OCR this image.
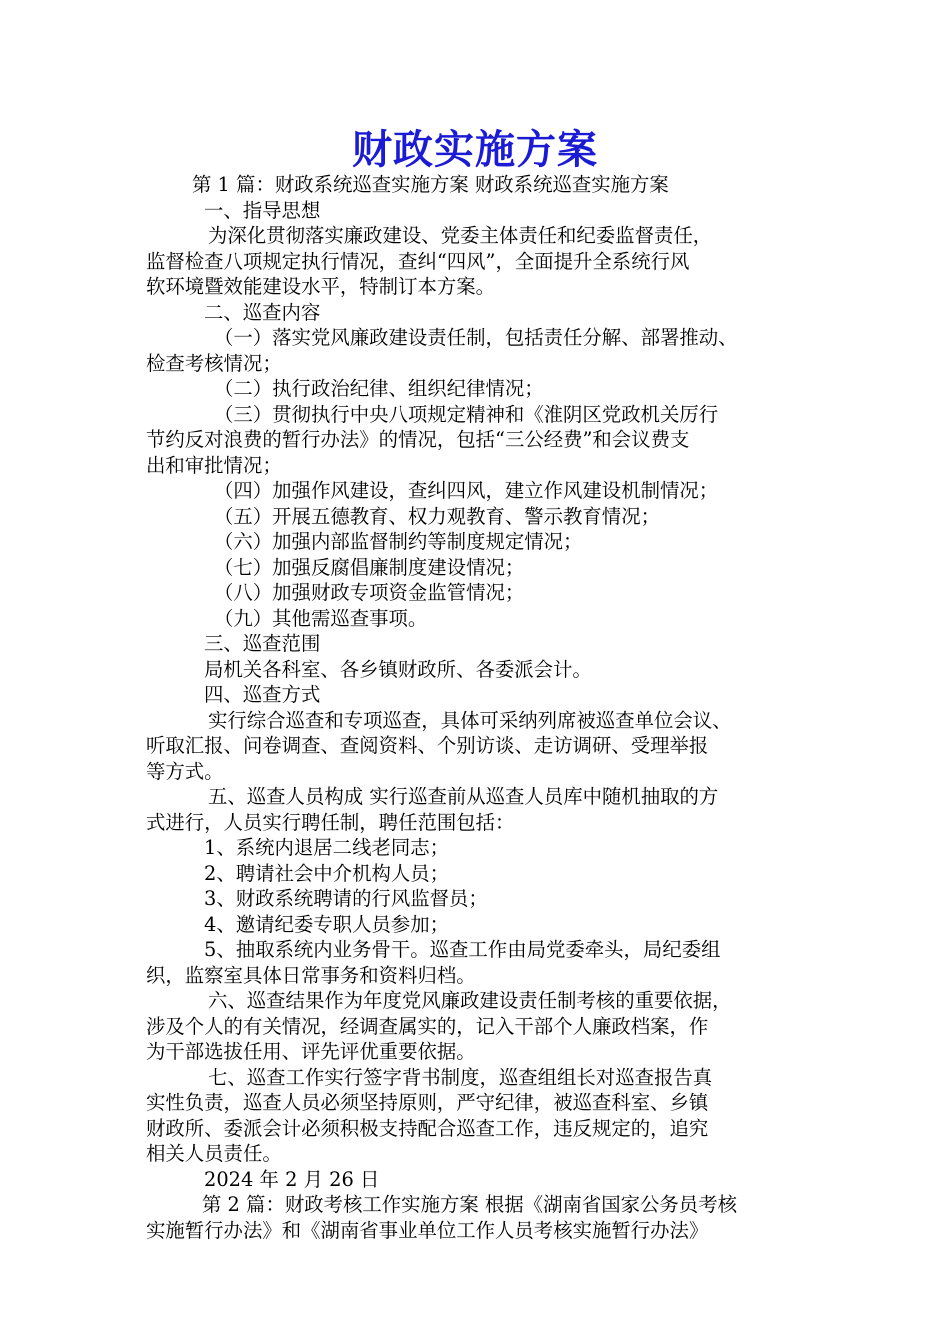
财政实施方案
第 1 篇：财政系统巡查实施方案 财政系统巡查实施方案
一、指导思想
为深化贯彻落实廉政建设、党委主体责任和纪委监督责任，
监督检查八项规定执行情况，查纠“四风”，全面提升全系统行风
软环境暨效能建设水平，特制订本方案。
二、巡查内容
（一）落实党风廉政建设责任制，包括责任分解、部署推动、
检查考核情况；
（二）执行政治纪律、组织纪律情况；
（三）贯彻执行中央八项规定精神和《淮阴区党政机关厉行
节约反对浪费的暂行办法》的情况，包括“三公经费”和会议费支
出和审批情况；
（四）加强作风建设，查纠四风，建立作风建设机制情况；
（五）开展五德教育、权力观教育、警示教育情况；
（六）加强内部监督制约等制度规定情况；
（七）加强反腐倡廉制度建设情况；
（八）加强财政专项资金监管情况；
（九）其他需巡查事项。
三、巡查范围
局机关各科室、各乡镇财政所、各委派会计。
四、巡查方式
实行综合巡查和专项巡查，具体可采纳列席被巡查单位会议、
听取汇报、问卷调查、查阅资料、个别访谈、走访调研、受理举报
等方式。
五、巡查人员构成 实行巡查前从巡查人员库中随机抽取的方
式进行，人员实行聘任制，聘任范围包括：
1、系统内退居二线老同志；
2、聘请社会中介机构人员；
3、财政系统聘请的行风监督员；
4、邀请纪委专职人员参加；
5、抽取系统内业务骨干。巡查工作由局党委牵头，局纪委组
织，监察室具体日常事务和资料归档。
六、巡查结果作为年度党风廉政建设责任制考核的重要依据，
涉及个人的有关情况，经调查属实的，记入干部个人廉政档案，作
为干部选拔任用、评先评优重要依据。
七、巡查工作实行签字背书制度，巡查组组长对巡查报告真
实性负责，巡查人员必须坚持原则，严守纪律，被巡查科室、乡镇
财政所、委派会计必须积极支持配合巡查工作，违反规定的，追究
相关人员责任。
2024 年 2 月 26 日
第 2 篇：财政考核工作实施方案 根据《湖南省国家公务员考核
实施暂行办法》和《湖南省事业单位工作人员考核实施暂行办法》
